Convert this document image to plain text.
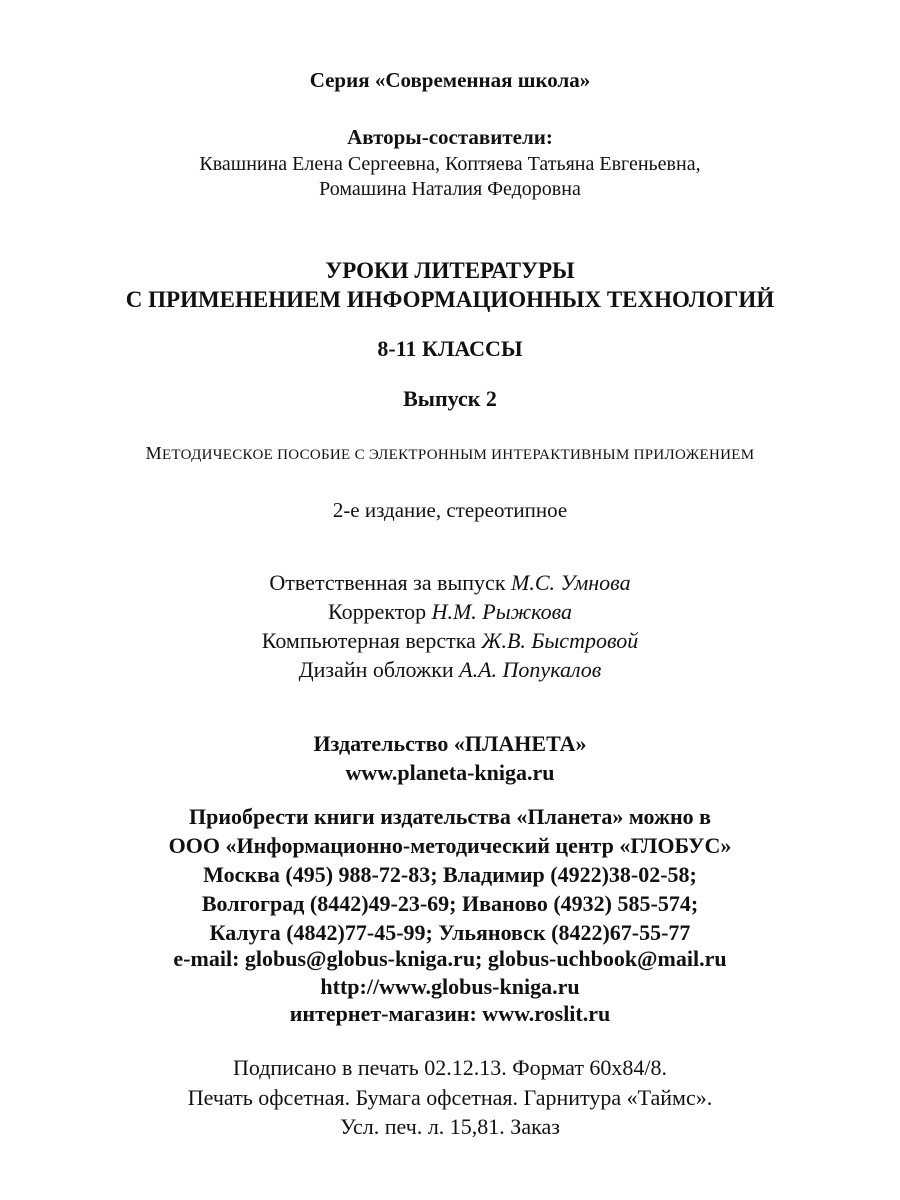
Серия «Современная школа»
Авторы-составители:
Квашнина Елена Сергеевна, Коптяева Татьяна Евгеньевна,
Ромашина Наталия Федоровна
УРОКИ ЛИТЕРАТУРЫ
С ПРИМЕНЕНИЕМ ИНФОРМАЦИОННЫХ ТЕХНОЛОГИЙ
8-11 КЛАССЫ
Выпуск 2
МЕТОДИЧЕСКОЕ ПОСОБИЕ С ЭЛЕКТРОННЫМ ИНТЕРАКТИВНЫМ ПРИЛОЖЕНИЕМ
2-е издание, стереотипное
Ответственная за выпуск М.С. Умнова
Корректор Н.М. Рыжкова
Компьютерная верстка Ж.В. Быстровой
Дизайн обложки А.А. Попукалов
Издательство «ПЛАНЕТА»
www.planeta-kniga.ru
Приобрести книги издательства «Планета» можно в
ООО «Информационно-методический центр «ГЛОБУС»
Москва (495) 988-72-83; Владимир (4922)38-02-58;
Волгоград (8442)49-23-69; Иваново (4932) 585-574;
Калуга (4842)77-45-99; Ульяновск (8422)67-55-77
e-mail: globus@globus-kniga.ru; globus-uchbook@mail.ru
http://www.globus-kniga.ru
интернет-магазин: www.roslit.ru
Подписано в печать 02.12.13. Формат 60x84/8.
Печать офсетная. Бумага офсетная. Гарнитура «Таймс».
Усл. печ. л. 15,81. Заказ
